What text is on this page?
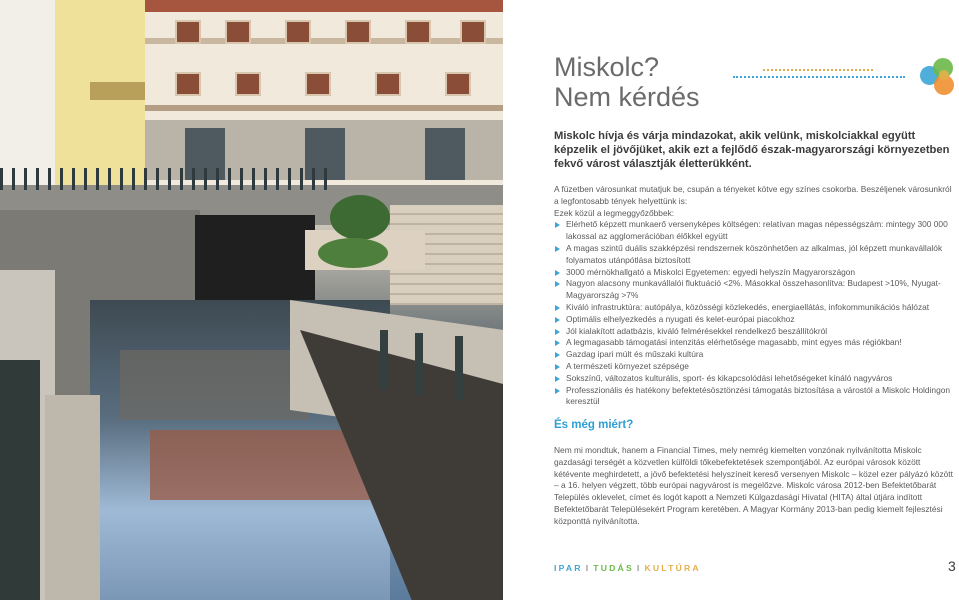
Miskolc?
Nem kérdés

Miskolc hívja és várja mindazokat, akik velünk, miskolciakkal együtt képzelik el jövőjüket, akik ezt a fejlődő észak-magyarországi környezetben fekvő várost választják életterükként.

A füzetben városunkat mutatjuk be, csupán a tényeket kötve egy színes csokorba. Beszéljenek városunkról a legfontosabb tények helyettünk is:

Ezek közül a legmeggyőzőbbek:

Elérhető képzett munkaerő versenyképes költségen: relatívan magas népességszám: mintegy 300 000 lakossal az agglomerációban élőkkel együtt
A magas szintű duális szakképzési rendszernek köszönhetően az alkalmas, jól képzett munkavállalók folyamatos utánpótlása biztosított
3000 mérnökhallgató a Miskolci Egyetemen: egyedi helyszín Magyarországon
Nagyon alacsony munkavállalói fluktuáció <2%. Másokkal összehasonlítva: Budapest >10%, Nyugat-Magyarország >7%
Kiváló infrastruktúra: autópálya, közösségi közlekedés, energiaellátás, infokommunikációs hálózat
Optimális elhelyezkedés a nyugati és kelet-európai piacokhoz
Jól kialakított adatbázis, kiváló felmérésekkel rendelkező beszállítókról
A legmagasabb támogatási intenzitás elérhetősége magasabb, mint egyes más régiókban!
Gazdag ipari múlt és műszaki kultúra
A természeti környezet szépsége
Sokszínű, változatos kulturális, sport- és kikapcsolódási lehetőségeket kínáló nagyváros
Professzionális és hatékony befektetésösztönzési támogatás biztosítása a várostól a Miskolc Holdingon keresztül
És még miért?

Nem mi mondtuk, hanem a Financial Times, mely nemrég kiemelten vonzónak nyilvánította Miskolc gazdasági terségét a közvetlen külföldi tőkebefektetések szempontjából. Az európai városok között kétévente meghirdetett, a jövő befektetési helyszíneit kereső versenyen Miskolc – közel ezer pályázó között – a 16. helyen végzett, több európai nagyvárost is megelőzve. Miskolc városa 2012-ben Befektetőbarát Település oklevelet, címet és logót kapott a Nemzeti Külgazdasági Hivatal (HITA) által útjára indított Befektetőbarát Településekért Program keretében. A Magyar Kormány 2013-ban pedig kiemelt fejlesztési központtá nyilvánította.

IPAR I TUDÁS I KULTÚRA	3
